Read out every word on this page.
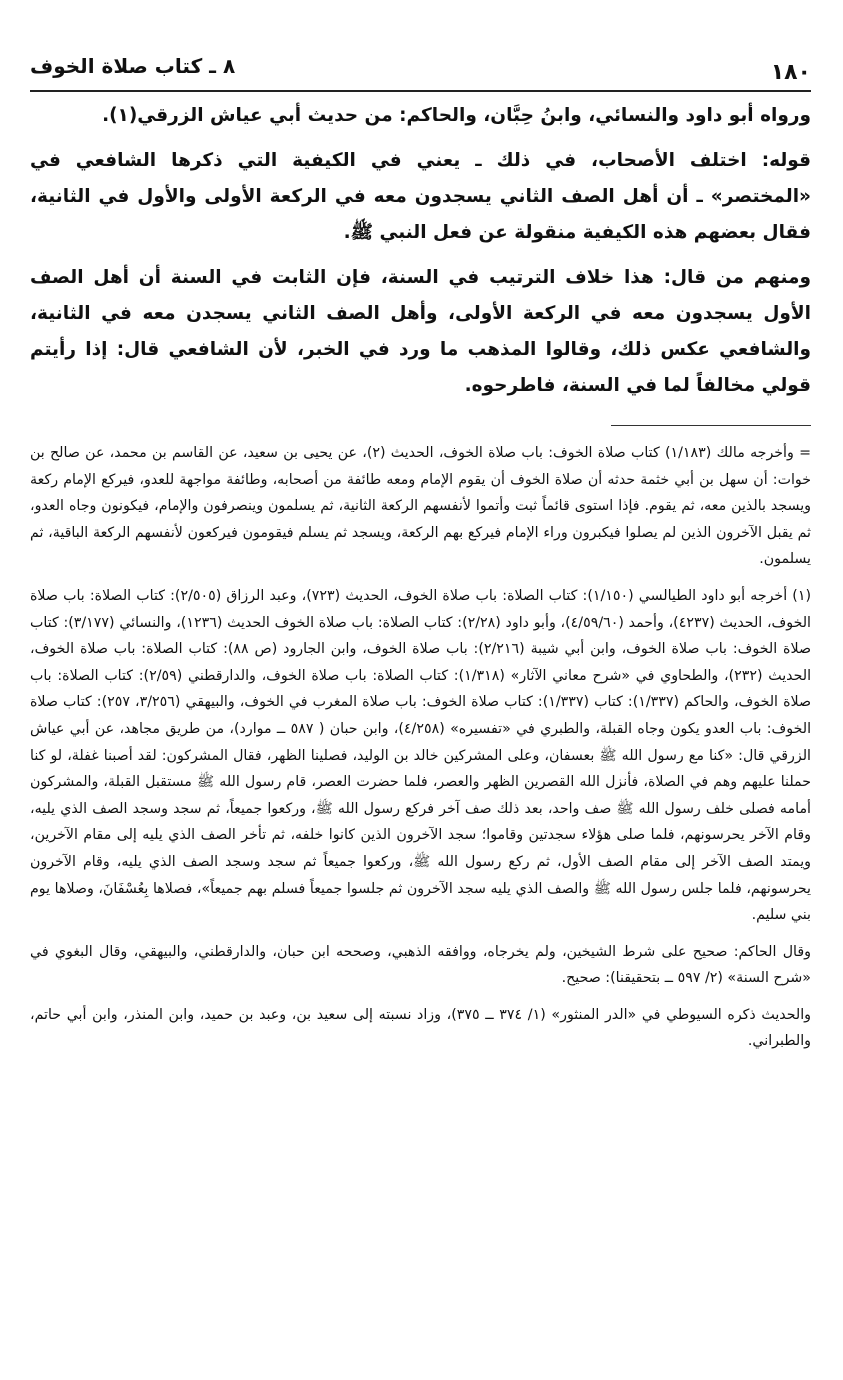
١٨٠
٨ ـ كتاب صلاة الخوف

ورواه أبو داود والنسائي، وابنُ حِبَّان، والحاكم: من حديث أبي عياش الزرقي(١).

قوله: اختلف الأصحاب، في ذلك ـ يعني في الكيفية التي ذكرها الشافعي في «المختصر» ـ أن أهل الصف الثاني يسجدون معه في الركعة الأولى والأول في الثانية، فقال بعضهم هذه الكيفية منقولة عن فعل النبي ﷺ.

ومنهم من قال: هذا خلاف الترتيب في السنة، فإن الثابت في السنة أن أهل الصف الأول يسجدون معه في الركعة الأولى، وأهل الصف الثاني يسجدن معه في الثانية، والشافعي عكس ذلك، وقالوا المذهب ما ورد في الخبر، لأن الشافعي قال: إذا رأيتم قولي مخالفاً لما في السنة، فاطرحوه.

= وأخرجه مالك (١/١٨٣) كتاب صلاة الخوف: باب صلاة الخوف، الحديث (٢)، عن يحيى بن سعيد، عن القاسم بن محمد، عن صالح بن خوات: أن سهل بن أبي خثمة حدثه أن صلاة الخوف أن يقوم الإمام ومعه طائفة من أصحابه، وطائفة مواجهة للعدو، فيركع الإمام ركعة ويسجد بالذين معه، ثم يقوم. فإذا استوى قائماً ثبت وأتموا لأنفسهم الركعة الثانية، ثم يسلمون وينصرفون والإمام، فيكونون وجاه العدو، ثم يقبل الآخرون الذين لم يصلوا فيكبرون وراء الإمام فيركع بهم الركعة، ويسجد ثم يسلم فيقومون فيركعون لأنفسهم الركعة الباقية، ثم يسلمون.

(١) أخرجه أبو داود الطيالسي (١/١٥٠): كتاب الصلاة: باب صلاة الخوف، الحديث (٧٢٣)، وعبد الرزاق (٢/٥٠٥): كتاب الصلاة: باب صلاة الخوف، الحديث (٤٢٣٧)، وأحمد (٤/٥٩/٦٠)، وأبو داود (٢/٢٨): كتاب الصلاة: باب صلاة الخوف الحديث (١٢٣٦)، والنسائي (٣/١٧٧): كتاب صلاة الخوف: باب صلاة الخوف، وابن أبي شيبة (٢/٢١٦): باب صلاة الخوف، وابن الجارود (ص ٨٨): كتاب الصلاة: باب صلاة الخوف، الحديث (٢٣٢)، والطحاوي في «شرح معاني الآثار» (١/٣١٨): كتاب الصلاة: باب صلاة الخوف، والدارقطني (٢/٥٩): كتاب الصلاة: باب صلاة الخوف، والحاكم (١/٣٣٧): كتاب (١/٣٣٧): كتاب صلاة الخوف: باب صلاة المغرب في الخوف، والبيهقي (٣/٢٥٦، ٢٥٧): كتاب صلاة الخوف: باب العدو يكون وجاه القبلة، والطبري في «تفسيره» (٤/٢٥٨)، وابن حبان ( ٥٨٧ ــ موارد)، من طريق مجاهد، عن أبي عياش الزرقي قال: «كنا مع رسول الله ﷺ بعسفان، وعلى المشركين خالد بن الوليد، فصلينا الظهر، فقال المشركون: لقد أصبنا غفلة، لو كنا حملنا عليهم وهم في الصلاة، فأنزل الله القصرين الظهر والعصر، فلما حضرت العصر، قام رسول الله ﷺ مستقبل القبلة، والمشركون أمامه فصلى خلف رسول الله ﷺ صف واحد، بعد ذلك صف آخر فركع رسول الله ﷺ، وركعوا جميعاً، ثم سجد وسجد الصف الذي يليه، وقام الآخر يحرسونهم، فلما صلى هؤلاء سجدتين وقاموا؛ سجد الآخرون الذين كانوا خلفه، ثم تأخر الصف الذي يليه إلى مقام الآخرين، ويمتد الصف الآخر إلى مقام الصف الأول، ثم ركع رسول الله ﷺ، وركعوا جميعاً ثم سجد وسجد الصف الذي يليه، وقام الآخرون يحرسونهم، فلما جلس رسول الله ﷺ والصف الذي يليه سجد الآخرون ثم جلسوا جميعاً فسلم بهم جميعاً»، فصلاها بِعُسْفَانَ، وصلاها يوم بني سليم.

وقال الحاكم: صحيح على شرط الشيخين، ولم يخرجاه، ووافقه الذهبي، وصححه ابن حبان، والدارقطني، والبيهقي، وقال البغوي في «شرح السنة» (٢/ ٥٩٧ ــ بتحقيقنا): صحيح.

والحديث ذكره السيوطي في «الدر المنثور» (١/ ٣٧٤ ــ ٣٧٥)، وزاد نسبته إلى سعيد بن، وعبد بن حميد، وابن المنذر، وابن أبي حاتم، والطبراني.
